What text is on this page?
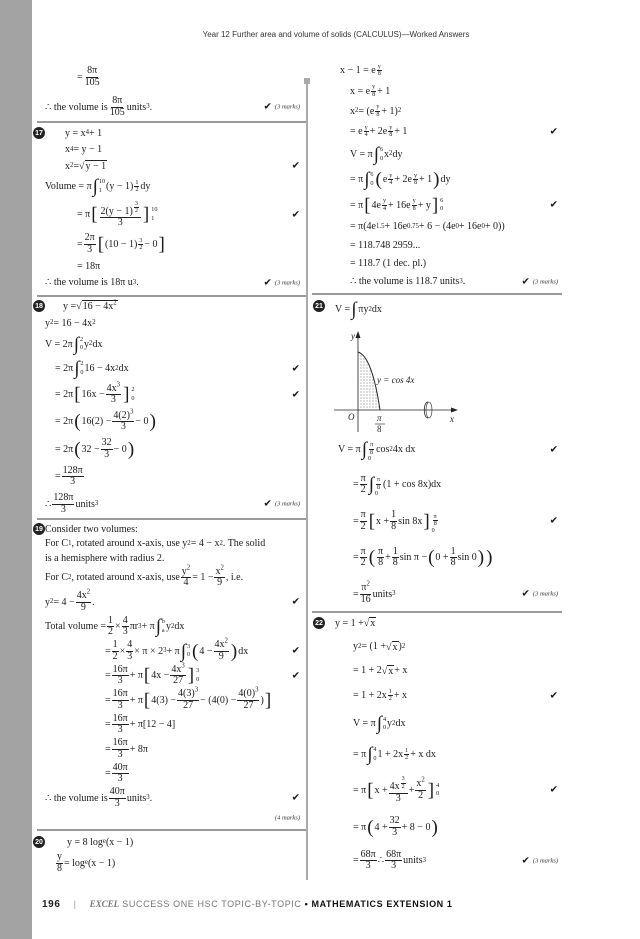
Year 12 Further area and volume of solids (CALCULUS)—Worked Answers
= $\frac{8\pi}{105}$
∴ the volume is $\frac{8\pi}{105}$ units 3 .	✔ (3 marks)
17 y = x 4 + 1
x 4 = y − 1
x 2 = √ y − 1	✔
Volume = π ∫ 10
1 $(y - 1) \frac{1}{2}$ dy
= π [ 2(y − 1) $^{\frac{3}{2}}$
3 ] 10
1	✔
= $\frac{2\pi}{3}$ [ $(10 - 1) \frac{3}{2} - 0$ ]
= 18π
∴ the volume is 18π u 3 .	✔ (3 marks)
18 y = √ $16 - 4x^2$
y 2 = 16 − 4x 2
V = 2π ∫ 2
0 y 2 dx
= 2π ∫ 2
0 16 − 4x 2 dx	✔
= 2π [ $16x - \frac{4x^3}{3}$ ] 2
0	✔
= 2π ( $16(2) - \frac{4(2)^3}{3} - 0$ )
= 2π ( $32 - \frac{32}{3} - 0$ )
= $\frac{128\pi}{3}$
∴ $\frac{128\pi}{3}$ units 3	✔ (3 marks)
19 Consider two volumes:
For C 1 , rotated around x-axis, use y 2 = 4 − x 2 . The solid
is a hemisphere with radius 2.
For C 2 , rotated around x-axis, use $\frac{y^2}{4} = 1 - \frac{x^2}{9}$ , i.e.
y $2 = 4 - \frac{4x^2}{9}$ .	✔
Total volume = $\frac{1}{2} \times \frac{4}{3}$ πr 3 + π ∫ b
a y 2 dx
= $\frac{1}{2} \times \frac{4}{3} \times \pi \times 2$ 3 + π ∫ 3
0 ( $4 - \frac{4x^2}{9}$ ) dx	✔
= $\frac{16\pi}{3} + \pi$ [ $4x - \frac{4x^3}{27}$ ] 3
0	✔
= $\frac{16\pi}{3} + \pi$ [ $4(3) - \frac{4(3)^3}{27} - (4(0) - \frac{4(0)^3}{27}$ ) ]
= $\frac{16\pi}{3} + \pi[12 - 4]$
= $\frac{16\pi}{3} + 8\pi$
= $\frac{40\pi}{3}$
∴ the volume is $\frac{40\pi}{3}$ units 3 .	✔
(4 marks)
20 y = 8 log e (x − 1)
$\frac{y}{8} = \log e$ (x − 1)
x − 1 = e $\frac{y}{8}$
x = e $\frac{y}{8} + 1$
x $2 = (e \frac{y}{8} + 1)$ 2
= e $\frac{y}{4} + 2e \frac{y}{8} + 1$	✔
V = π ∫ 6
0 x 2 dy
= π ∫ 6
0 ( e $\frac{y}{4} + 2e \frac{y}{8} + 1$ ) dy
= π [ $4e \frac{y}{4} + 16e \frac{y}{8} + y$ ] 6
0	✔
= π(4e 1.5 + 16e 0.75 + 6 − (4e 0 + 16e 0 + 0))
= 118.748 2959...
= 118.7 (1 dec. pl.)
∴ the volume is 118.7 units 3 .	✔ (3 marks)
21 V = ∫ πy 2 dx
V = π ∫ $\frac{\pi}{8}$
0
cos 2 4x dx	✔
= $\frac{\pi}{2}$ ∫ $\frac{\pi}{8}$
0
(1 + cos 8x)dx
= $\frac{\pi}{2}$ [ $x + \frac{1}{8}$ sin 8x ] $\frac{\pi}{8}$
0
✔
= $\frac{\pi}{2}$ ( $\frac{\pi}{8} + \frac{1}{8}$ sin π − ( $0 + \frac{1}{8}$ sin 0 ) )
= $\frac{\pi^2}{16}$ units 3	✔ (3 marks)
22 y = 1 + √ x
y 2 = (1 + √ x ) 2
= 1 + 2 √ x + x
= $1 + 2x \frac{1}{2} + x$	✔
V = π ∫ 4
0 y 2 dx
= π ∫ 4
0 $1 + 2x \frac{1}{2} + x$ dx
= π [ x + 4x $^{\frac{3}{2}}$
$3 + \frac{x^2}{2}$ ] 4
0	✔
= π ( $4 + \frac{32}{3} + 8 - 0$ )
= $\frac{68\pi}{3}$ ∴ $\frac{68\pi}{3}$ units 3	✔ (3 marks)
y
x
O	π
8
y = cos 4x
196 | EXCEL SUCCESS ONE HSC TOPIC-BY-TOPIC • MATHEMATICS EXTENSION 1
